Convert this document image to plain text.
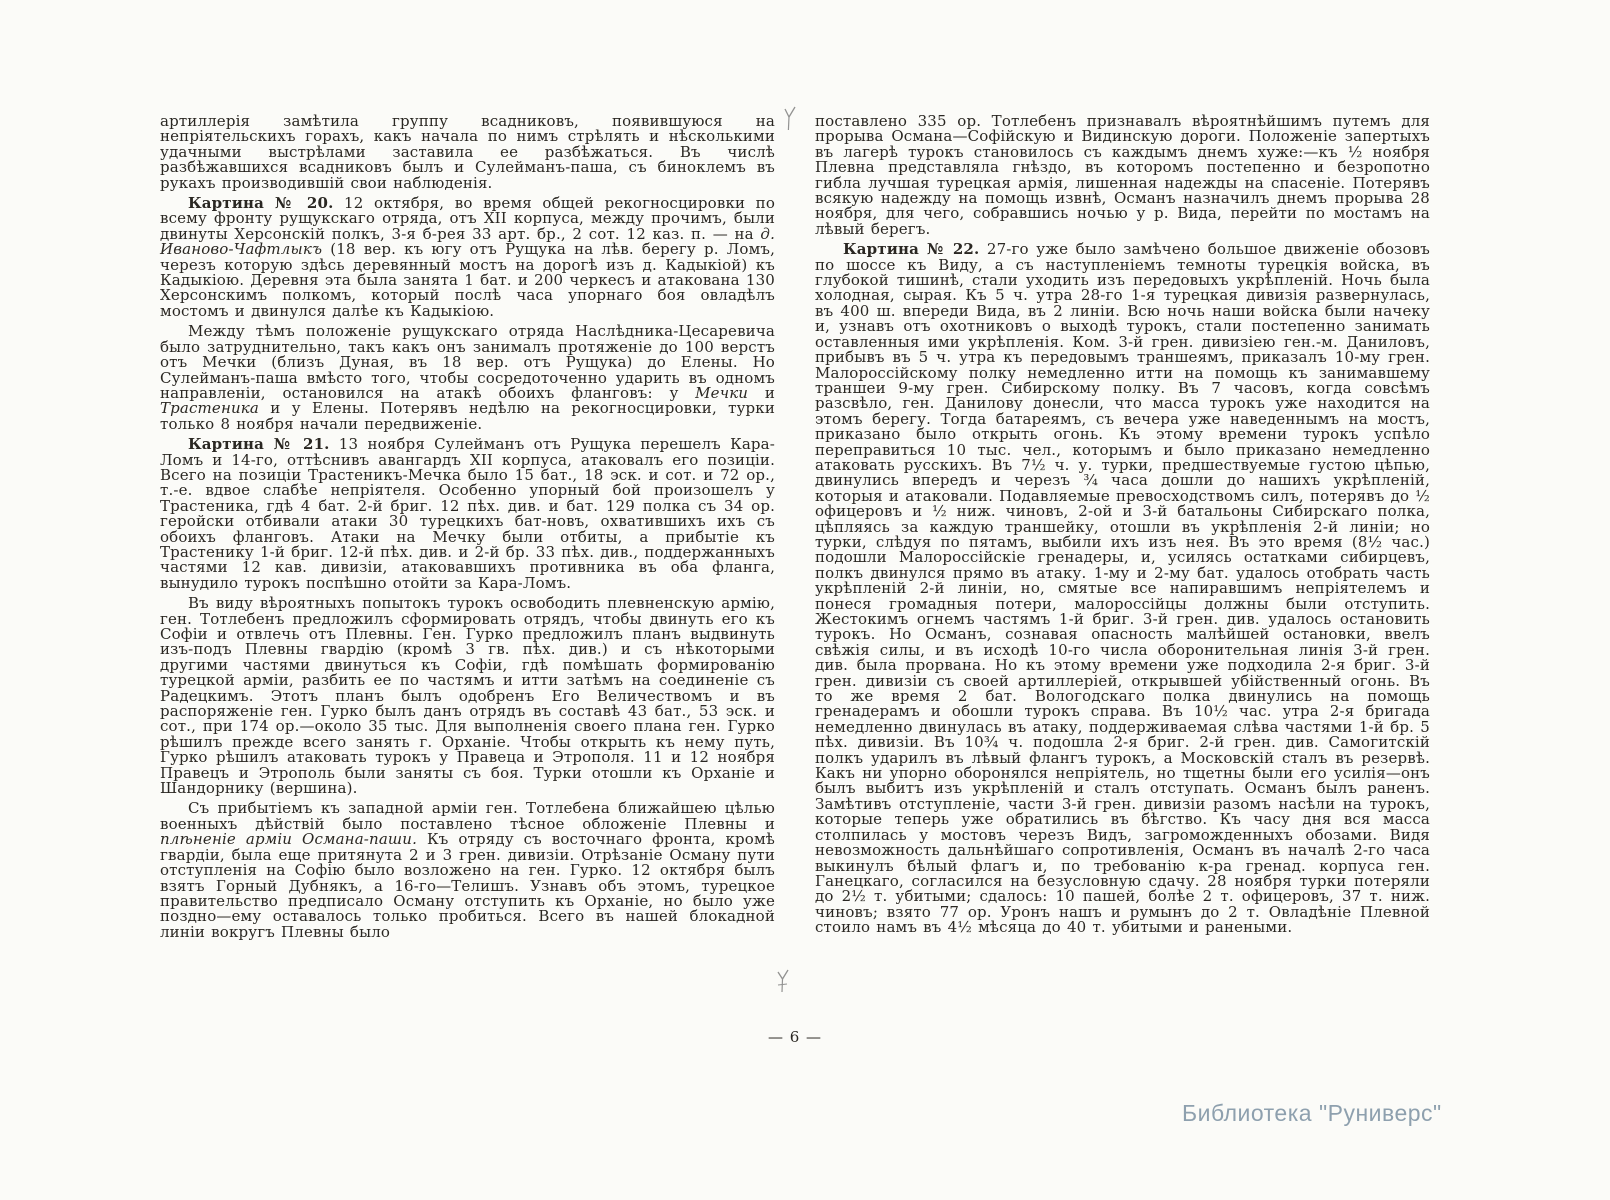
артиллерія замѣтила группу всадниковъ, появившуюся на непріятельскихъ горахъ, какъ начала по нимъ стрѣлять и нѣсколькими удачными выстрѣлами заставила ее разбѣжаться. Въ числѣ разбѣжавшихся всадниковъ былъ и Сулейманъ-паша, съ биноклемъ въ рукахъ производившій свои наблюденія.

Картина № 20. 12 октября, во время общей рекогносцировки по всему фронту рущукскаго отряда, отъ XII корпуса, между прочимъ, были двинуты Херсонскій полкъ, 3-я б-рея 33 арт. бр., 2 сот. 12 каз. п. — на д. Иваново-Чафтлыкъ (18 вер. къ югу отъ Рущука на лѣв. берегу р. Ломъ, черезъ которую здѣсь деревянный мостъ на дорогѣ изъ д. Кадыкіой) къ Кадыкіою. Деревня эта была занята 1 бат. и 200 черкесъ и атакована 130 Херсонскимъ полкомъ, который послѣ часа упорнаго боя овладѣлъ мостомъ и двинулся далѣе къ Кадыкіою.

Между тѣмъ положеніе рущукскаго отряда Наслѣдника-Цесаревича было затруднительно, такъ какъ онъ занималъ протяженіе до 100 верстъ отъ Мечки (близъ Дуная, въ 18 вер. отъ Рущука) до Елены. Но Сулейманъ-паша вмѣсто того, чтобы сосредоточенно ударить въ одномъ направленіи, остановился на атакѣ обоихъ фланговъ: у Мечки и Трастеника и у Елены. Потерявъ недѣлю на рекогносцировки, турки только 8 ноября начали передвиженіе.

Картина № 21. 13 ноября Сулейманъ отъ Рущука перешелъ Кара-Ломъ и 14-го, оттѣснивъ авангардъ XII корпуса, атаковалъ его позиціи. Всего на позиціи Трастеникъ-Мечка было 15 бат., 18 эск. и сот. и 72 ор., т.-е. вдвое слабѣе непріятеля. Особенно упорный бой произошелъ у Трастеника, гдѣ 4 бат. 2-й бриг. 12 пѣх. див. и бат. 129 полка съ 34 ор. геройски отбивали атаки 30 турецкихъ бат-новъ, охватившихъ ихъ съ обоихъ фланговъ. Атаки на Мечку были отбиты, а прибытіе къ Трастенику 1-й бриг. 12-й пѣх. див. и 2-й бр. 33 пѣх. див., поддержанныхъ частями 12 кав. дивизіи, атаковавшихъ противника въ оба фланга, вынудило турокъ поспѣшно отойти за Кара-Ломъ.

Въ виду вѣроятныхъ попытокъ турокъ освободить плевненскую армію, ген. Тотлебенъ предложилъ сформировать отрядъ, чтобы двинуть его къ Софіи и отвлечь отъ Плевны. Ген. Гурко предложилъ планъ выдвинуть изъ-подъ Плевны гвардію (кромѣ 3 гв. пѣх. див.) и съ нѣкоторыми другими частями двинуться къ Софіи, гдѣ помѣшать формированію турецкой арміи, разбить ее по частямъ и итти затѣмъ на соединеніе съ Радецкимъ. Этотъ планъ былъ одобренъ Его Величествомъ и въ распоряженіе ген. Гурко былъ данъ отрядъ въ составѣ 43 бат., 53 эск. и сот., при 174 ор.—около 35 тыс. Для выполненія своего плана ген. Гурко рѣшилъ прежде всего занять г. Орханіе. Чтобы открыть къ нему путь, Гурко рѣшилъ атаковать турокъ у Правеца и Этрополя. 11 и 12 ноября Правецъ и Этрополь были заняты съ боя. Турки отошли къ Орханіе и Шандорнику (вершина).

Съ прибытіемъ къ западной арміи ген. Тотлебена ближайшею цѣлью военныхъ дѣйствій было поставлено тѣсное обложеніе Плевны и плѣненіе арміи Османа-паши. Къ отряду съ восточнаго фронта, кромѣ гвардіи, была еще притянута 2 и 3 грен. дивизіи. Отрѣзаніе Осману пути отступленія на Софію было возложено на ген. Гурко. 12 октября былъ взятъ Горный Дубнякъ, а 16-го—Телишъ. Узнавъ объ этомъ, турецкое правительство предписало Осману отступить къ Орханіе, но было уже поздно—ему оставалось только пробиться. Всего въ нашей блокадной линіи вокругъ Плевны было

поставлено 335 ор. Тотлебенъ признавалъ вѣроятнѣйшимъ путемъ для прорыва Османа—Софійскую и Видинскую дороги. Положеніе запертыхъ въ лагерѣ турокъ становилось съ каждымъ днемъ хуже:—къ ½ ноября Плевна представляла гнѣздо, въ которомъ постепенно и безропотно гибла лучшая турецкая армія, лишенная надежды на спасеніе. Потерявъ всякую надежду на помощь извнѣ, Османъ назначилъ днемъ прорыва 28 ноября, для чего, собравшись ночью у р. Вида, перейти по мостамъ на лѣвый берегъ.

Картина № 22. 27-го уже было замѣчено большое движеніе обозовъ по шоссе къ Виду, а съ наступленіемъ темноты турецкія войска, въ глубокой тишинѣ, стали уходить изъ передовыхъ укрѣпленій. Ночь была холодная, сырая. Къ 5 ч. утра 28-го 1-я турецкая дивизія развернулась, въ 400 ш. впереди Вида, въ 2 линіи. Всю ночь наши войска были начеку и, узнавъ отъ охотниковъ о выходѣ турокъ, стали постепенно занимать оставленныя ими укрѣпленія. Ком. 3-й грен. дивизіею ген.-м. Даниловъ, прибывъ въ 5 ч. утра къ передовымъ траншеямъ, приказалъ 10-му грен. Малороссійскому полку немедленно итти на помощь къ занимавшему траншеи 9-му грен. Сибирскому полку. Въ 7 часовъ, когда совсѣмъ разсвѣло, ген. Данилову донесли, что масса турокъ уже находится на этомъ берегу. Тогда батареямъ, съ вечера уже наведеннымъ на мостъ, приказано было открыть огонь. Къ этому времени турокъ успѣло переправиться 10 тыс. чел., которымъ и было приказано немедленно атаковать русскихъ. Въ 7½ ч. у. турки, предшествуемые густою цѣпью, двинулись впередъ и черезъ ¾ часа дошли до нашихъ укрѣпленій, которыя и атаковали. Подавляемые превосходствомъ силъ, потерявъ до ½ офицеровъ и ½ ниж. чиновъ, 2-ой и 3-й батальоны Сибирскаго полка, цѣпляясь за каждую траншейку, отошли въ укрѣпленія 2-й линіи; но турки, слѣдуя по пятамъ, выбили ихъ изъ нея. Въ это время (8½ час.) подошли Малороссійскіе гренадеры, и, усилясь остатками сибирцевъ, полкъ двинулся прямо въ атаку. 1-му и 2-му бат. удалось отобрать часть укрѣпленій 2-й линіи, но, смятые все напиравшимъ непріятелемъ и понеся громадныя потери, малороссійцы должны были отступить. Жестокимъ огнемъ частямъ 1-й бриг. 3-й грен. див. удалось остановить турокъ. Но Османъ, сознавая опасность малѣйшей остановки, ввелъ свѣжія силы, и въ исходѣ 10-го числа оборонительная линія 3-й грен. див. была прорвана. Но къ этому времени уже подходила 2-я бриг. 3-й грен. дивизіи съ своей артиллеріей, открывшей убійственный огонь. Въ то же время 2 бат. Вологодскаго полка двинулись на помощь гренадерамъ и обошли турокъ справа. Въ 10½ час. утра 2-я бригада немедленно двинулась въ атаку, поддерживаемая слѣва частями 1-й бр. 5 пѣх. дивизіи. Въ 10¾ ч. подошла 2-я бриг. 2-й грен. див. Самогитскій полкъ ударилъ въ лѣвый флангъ турокъ, а Московскій сталъ въ резервѣ. Какъ ни упорно оборонялся непріятель, но тщетны были его усилія—онъ былъ выбитъ изъ укрѣпленій и сталъ отступать. Османъ былъ раненъ. Замѣтивъ отступленіе, части 3-й грен. дивизіи разомъ насѣли на турокъ, которые теперь уже обратились въ бѣгство. Къ часу дня вся масса столпилась у мостовъ черезъ Видъ, загроможденныхъ обозами. Видя невозможность дальнѣйшаго сопротивленія, Османъ въ началѣ 2-го часа выкинулъ бѣлый флагъ и, по требованію к-ра гренад. корпуса ген. Ганецкаго, согласился на безусловную сдачу. 28 ноября турки потеряли до 2½ т. убитыми; сдалось: 10 пашей, болѣе 2 т. офицеровъ, 37 т. ниж. чиновъ; взято 77 ор. Уронъ нашъ и румынъ до 2 т. Овладѣніе Плевной стоило намъ въ 4½ мѣсяца до 40 т. убитыми и ранеными.

— 6 —
Библиотека "Руниверс"
